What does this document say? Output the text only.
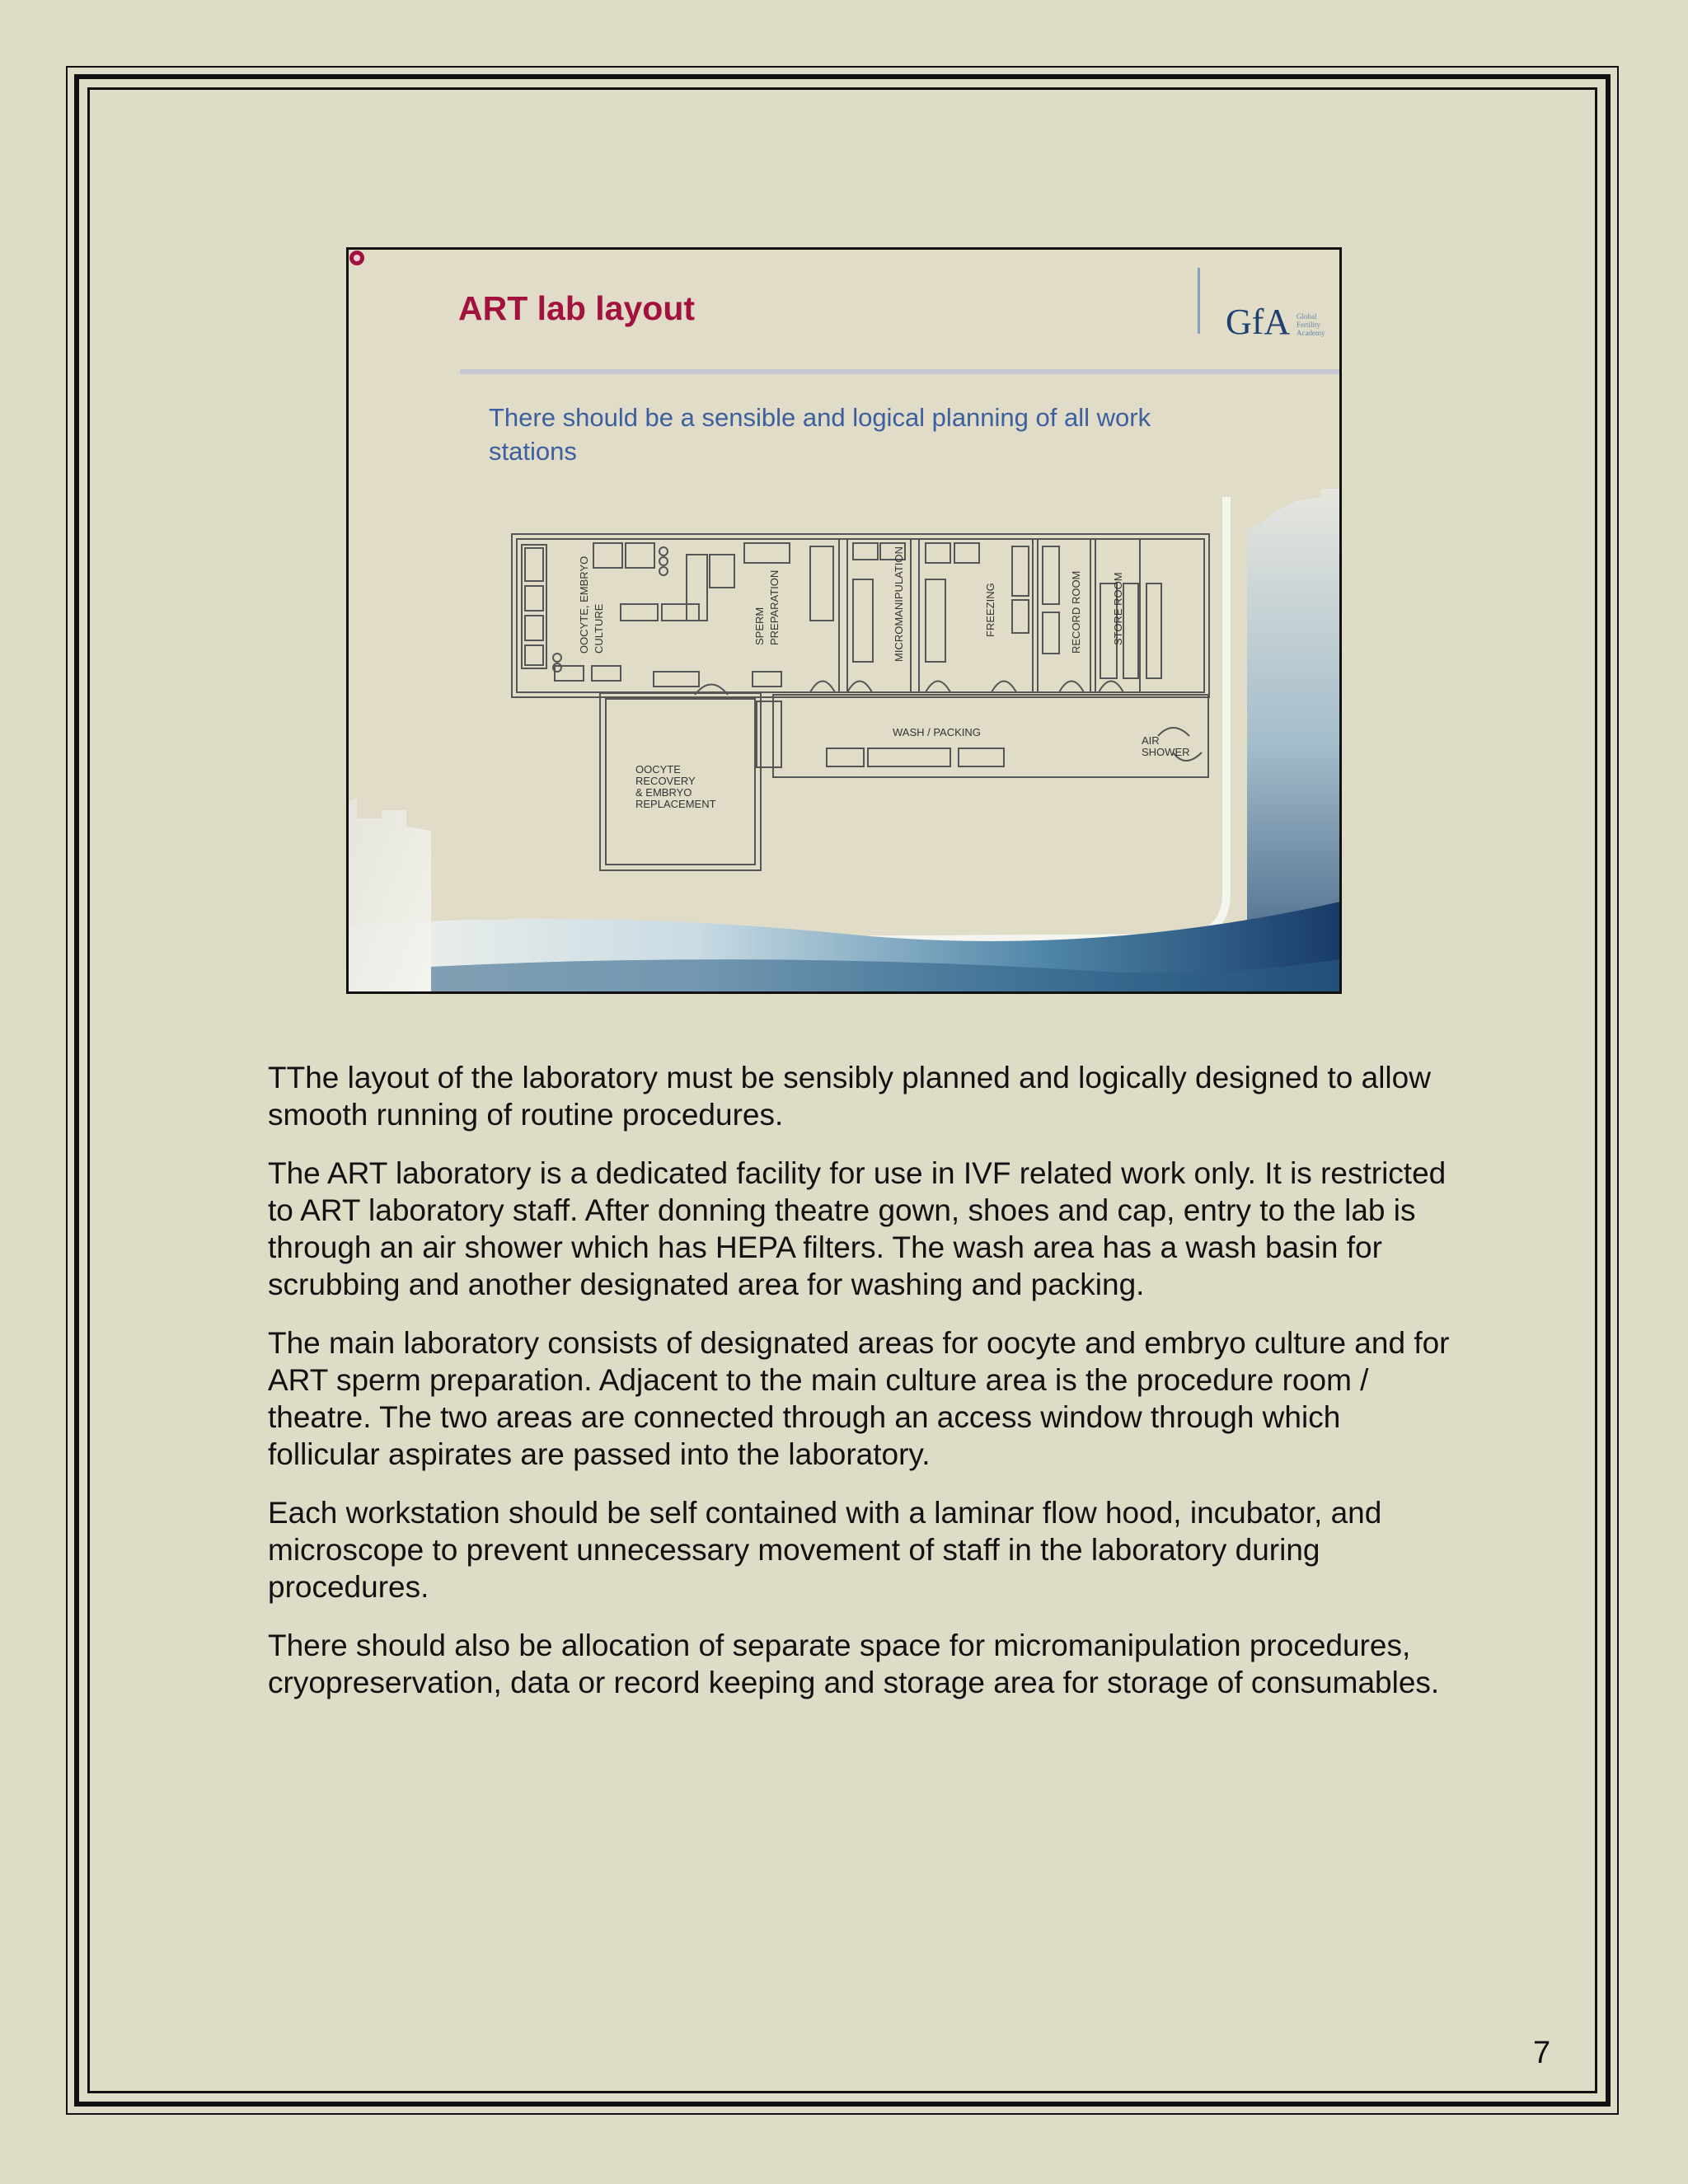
ART lab layout	GfA Global
Fertility
Academy
There should be a sensible and logical planning of all work stations
OOCYTE, EMBRYO CULTURE	SPERM PREPARATION	MICROMANIPULATION	FREEZING	RECORD ROOM	STORE ROOM
WASH / PACKING
AIR
SHOWER
OOCYTE
RECOVERY
& EMBRYO
REPLACEMENT

TThe layout of the laboratory must be sensibly planned and logically designed to allow smooth running of routine procedures.

The ART laboratory is a dedicated facility for use in IVF related work only. It is restricted to ART laboratory staff. After donning theatre gown, shoes and cap, entry to the lab is through an air shower which has HEPA filters. The wash area has a wash basin for scrubbing and another designated area for washing and packing.

The main laboratory consists of designated areas for oocyte and embryo culture and for ART sperm preparation. Adjacent to the main culture area is the procedure room / theatre. The two areas are connected through an access window through which follicular aspirates are passed into the laboratory.

Each workstation should be self contained with a laminar flow hood, incubator, and microscope to prevent unnecessary movement of staff in the laboratory during procedures.

There should also be allocation of separate space for micromanipulation procedures, cryopreservation, data or record keeping and storage area for storage of consumables.

7
